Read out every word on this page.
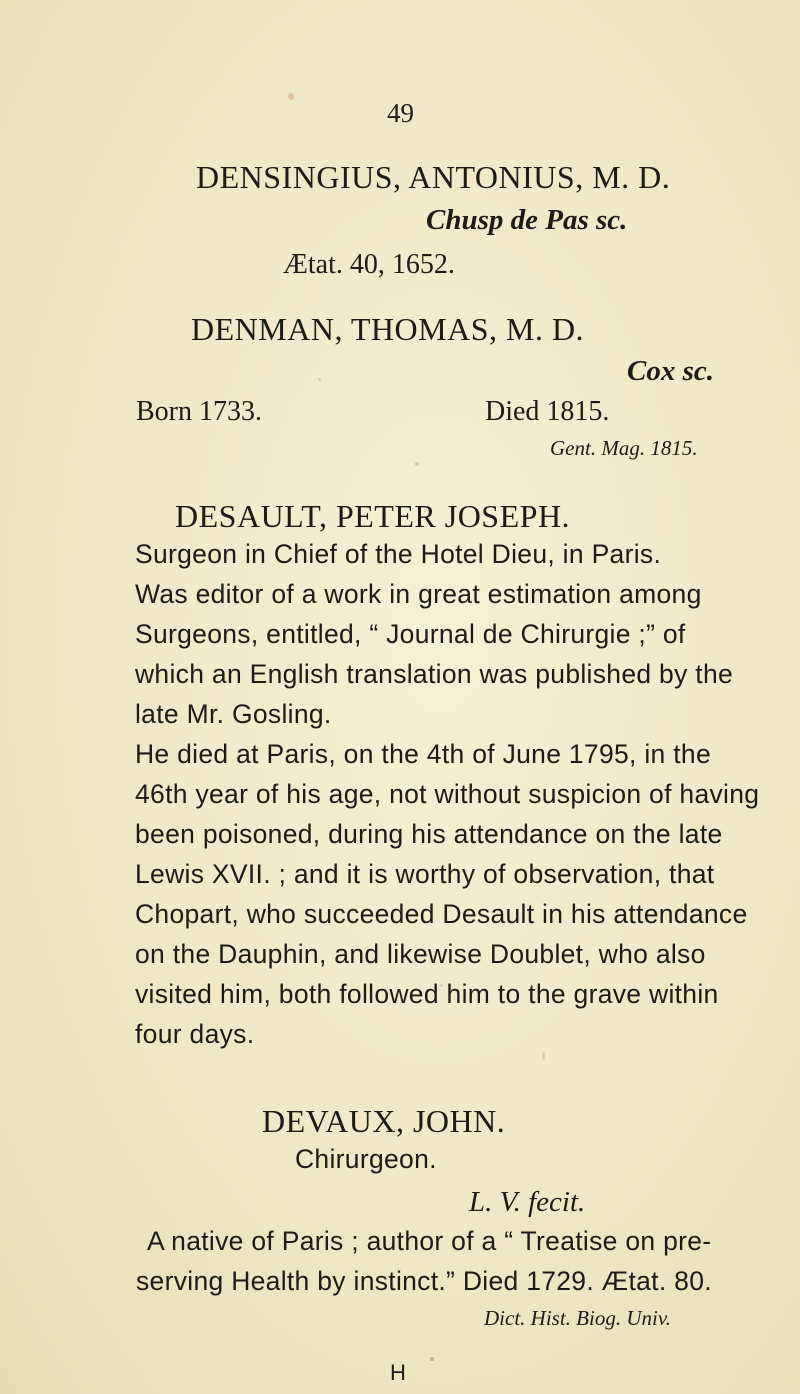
49
DENSINGIUS, ANTONIUS, M. D.
Chusp de Pas sc.
Ætat. 40, 1652.
DENMAN, THOMAS, M. D.
Cox sc.
Born 1733.	Died 1815.
Gent. Mag. 1815.
DESAULT, PETER JOSEPH.
Surgeon in Chief of the Hotel Dieu, in Paris.
Was editor of a work in great estimation among
Surgeons, entitled, “ Journal de Chirurgie ;” of
which an English translation was published by the
late Mr. Gosling.
He died at Paris, on the 4th of June 1795, in the
46th year of his age, not without suspicion of having
been poisoned, during his attendance on the late
Lewis XVII. ; and it is worthy of observation, that
Chopart, who succeeded Desault in his attendance
on the Dauphin, and likewise Doublet, who also
visited him, both followed him to the grave within
four days.
DEVAUX, JOHN.
Chirurgeon.
L. V. fecit.
A native of Paris ; author of a “ Treatise on pre-
serving Health by instinct.” Died 1729. Ætat. 80.
Dict. Hist. Biog. Univ.
H
